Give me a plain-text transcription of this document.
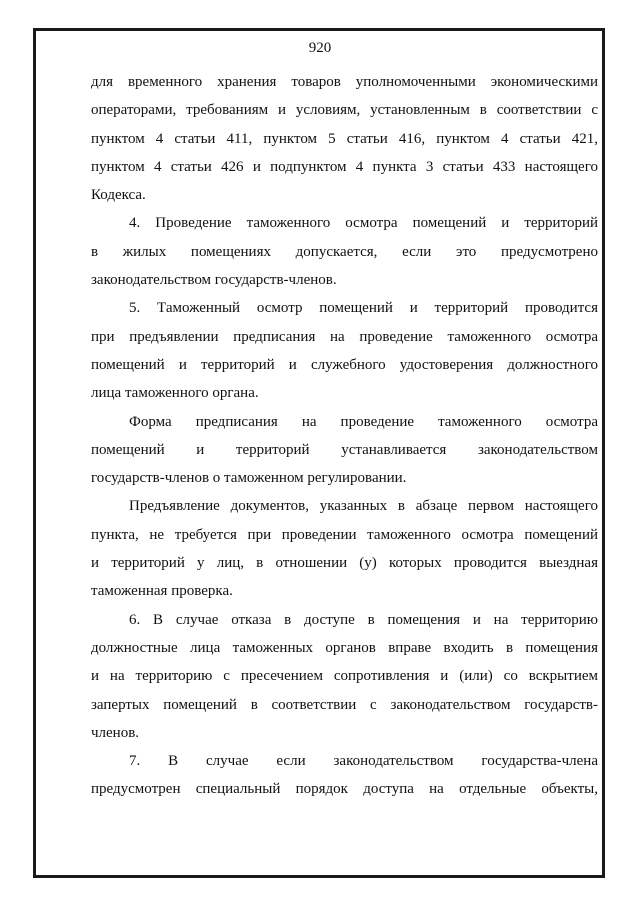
920
для временного хранения товаров уполномоченными экономическими
операторами, требованиям и условиям, установленным в соответствии с
пунктом 4 статьи 411, пунктом 5 статьи 416, пунктом 4 статьи 421,
пунктом 4 статьи 426 и подпунктом 4 пункта 3 статьи 433 настоящего
Кодекса.
4. Проведение таможенного осмотра помещений и территорий
в жилых помещениях допускается, если это предусмотрено
законодательством государств-членов.
5. Таможенный осмотр помещений и территорий проводится
при предъявлении предписания на проведение таможенного осмотра
помещений и территорий и служебного удостоверения должностного
лица таможенного органа.
Форма предписания на проведение таможенного осмотра
помещений и территорий устанавливается законодательством
государств-членов о таможенном регулировании.
Предъявление документов, указанных в абзаце первом настоящего
пункта, не требуется при проведении таможенного осмотра помещений
и территорий у лиц, в отношении (у) которых проводится выездная
таможенная проверка.
6. В случае отказа в доступе в помещения и на территорию
должностные лица таможенных органов вправе входить в помещения
и на территорию с пресечением сопротивления и (или) со вскрытием
запертых помещений в соответствии с законодательством государств-
членов.
7. В случае если законодательством государства-члена
предусмотрен специальный порядок доступа на отдельные объекты,
